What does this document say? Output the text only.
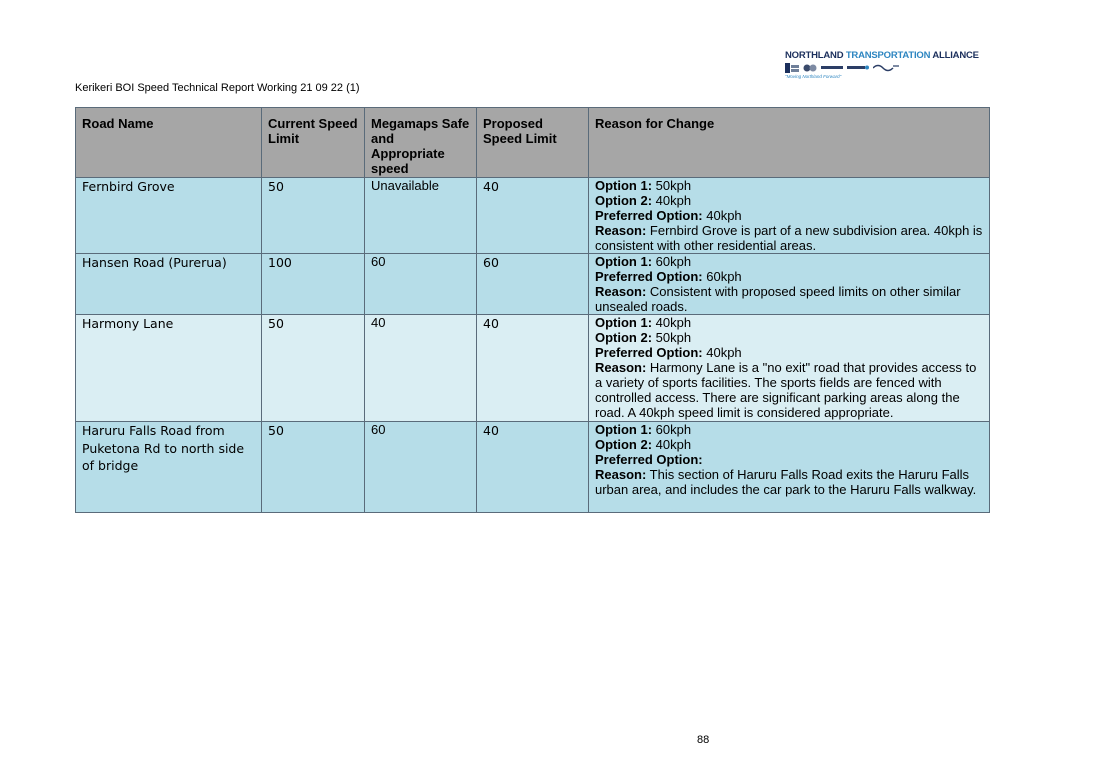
Kerikeri BOI Speed Technical Report Working 21 09 22 (1)
NORTHLAND TRANSPORTATION ALLIANCE
"Moving Northland Forward"
Road Name	Current Speed Limit	Megamaps Safe and Appropriate speed	Proposed Speed Limit	Reason for Change
Fernbird Grove	50	Unavailable	40	Option 1: 50kph
Option 2: 40kph
Preferred Option: 40kph
Reason: Fernbird Grove is part of a new subdivision area. 40kph is consistent with other residential areas.

Hansen Road (Purerua)	100	60	60	Option 1: 60kph
Preferred Option: 60kph
Reason: Consistent with proposed speed limits on other similar unsealed roads.

Harmony Lane	50	40	40	Option 1: 40kph
Option 2: 50kph
Preferred Option: 40kph
Reason: Harmony Lane is a "no exit" road that provides access to a variety of sports facilities. The sports fields are fenced with controlled access. There are significant parking areas along the road. A 40kph speed limit is considered appropriate.

Haruru Falls Road from Puketona Rd to north side of bridge	50	60	40	Option 1: 60kph
Option 2: 40kph
Preferred Option:
Reason: This section of Haruru Falls Road exits the Haruru Falls urban area, and includes the car park to the Haruru Falls walkway.
88
